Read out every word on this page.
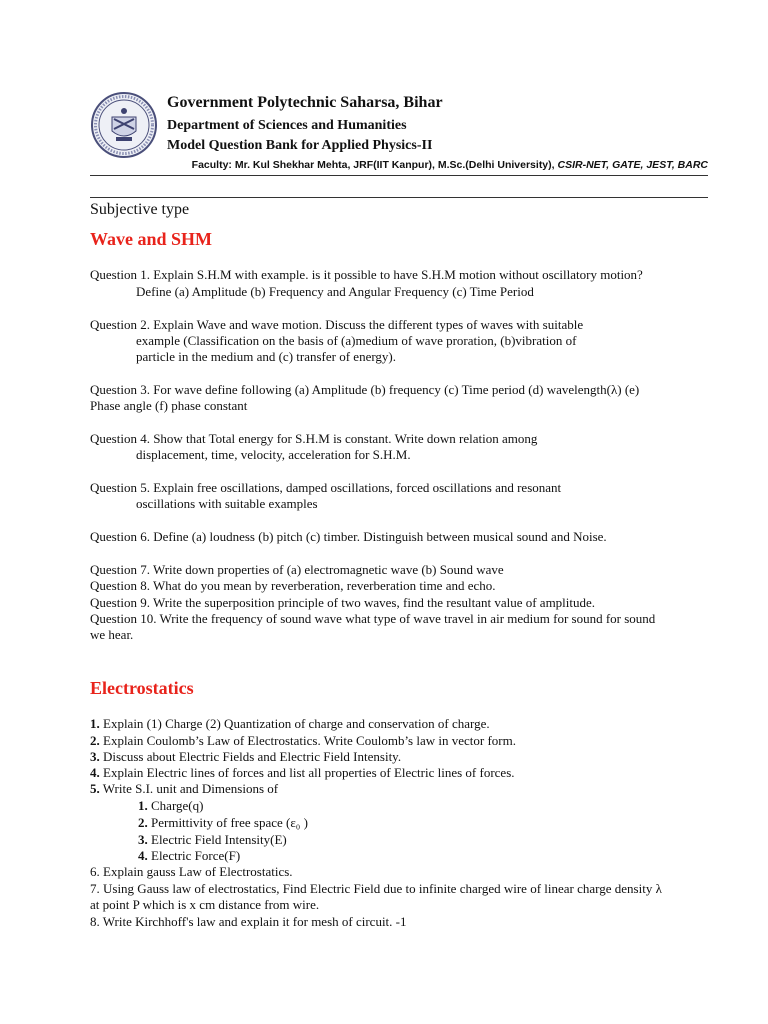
Government Polytechnic Saharsa, Bihar
Department of Sciences and Humanities
Model Question Bank for Applied Physics-II
Faculty: Mr. Kul Shekhar Mehta, JRF(IIT Kanpur), M.Sc.(Delhi University), CSIR-NET, GATE, JEST, BARC
Subjective type
Wave and SHM
Question 1. Explain S.H.M with example. is it possible to have S.H.M motion without oscillatory motion?
Define (a) Amplitude (b) Frequency and Angular Frequency (c) Time Period
Question 2. Explain Wave and wave motion. Discuss the different types of waves with suitable
example (Classification on the basis of (a)medium of wave proration, (b)vibration of
particle in the medium and (c) transfer of energy).
Question 3. For wave define following (a) Amplitude (b) frequency (c) Time period (d) wavelength(λ) (e)
Phase angle (f) phase constant
Question 4. Show that Total energy for S.H.M is constant. Write down relation among
displacement, time, velocity, acceleration for S.H.M.
Question 5. Explain free oscillations, damped oscillations, forced oscillations and resonant
oscillations with suitable examples
Question 6. Define (a) loudness (b) pitch (c) timber. Distinguish between musical sound and Noise.
Question 7. Write down properties of (a) electromagnetic wave (b) Sound wave
Question 8. What do you mean by reverberation, reverberation time and echo.
Question 9. Write the superposition principle of two waves, find the resultant value of amplitude.
Question 10. Write the frequency of sound wave what type of wave travel in air medium for sound for sound
we hear.
Electrostatics
1. Explain (1) Charge (2) Quantization of charge and conservation of charge.
2. Explain Coulomb’s Law of Electrostatics. Write Coulomb’s law in vector form.
3. Discuss about Electric Fields and Electric Field Intensity.
4. Explain Electric lines of forces and list all properties of Electric lines of forces.
5. Write S.I. unit and Dimensions of
1. Charge(q)
2. Permittivity of free space (ε₀ )
3. Electric Field Intensity(E)
4. Electric Force(F)
6. Explain gauss Law of Electrostatics.
7. Using Gauss law of electrostatics, Find Electric Field due to infinite charged wire of linear charge density λ
at point P which is x cm distance from wire.
8. Write Kirchhoff's law and explain it for mesh of circuit. -1
